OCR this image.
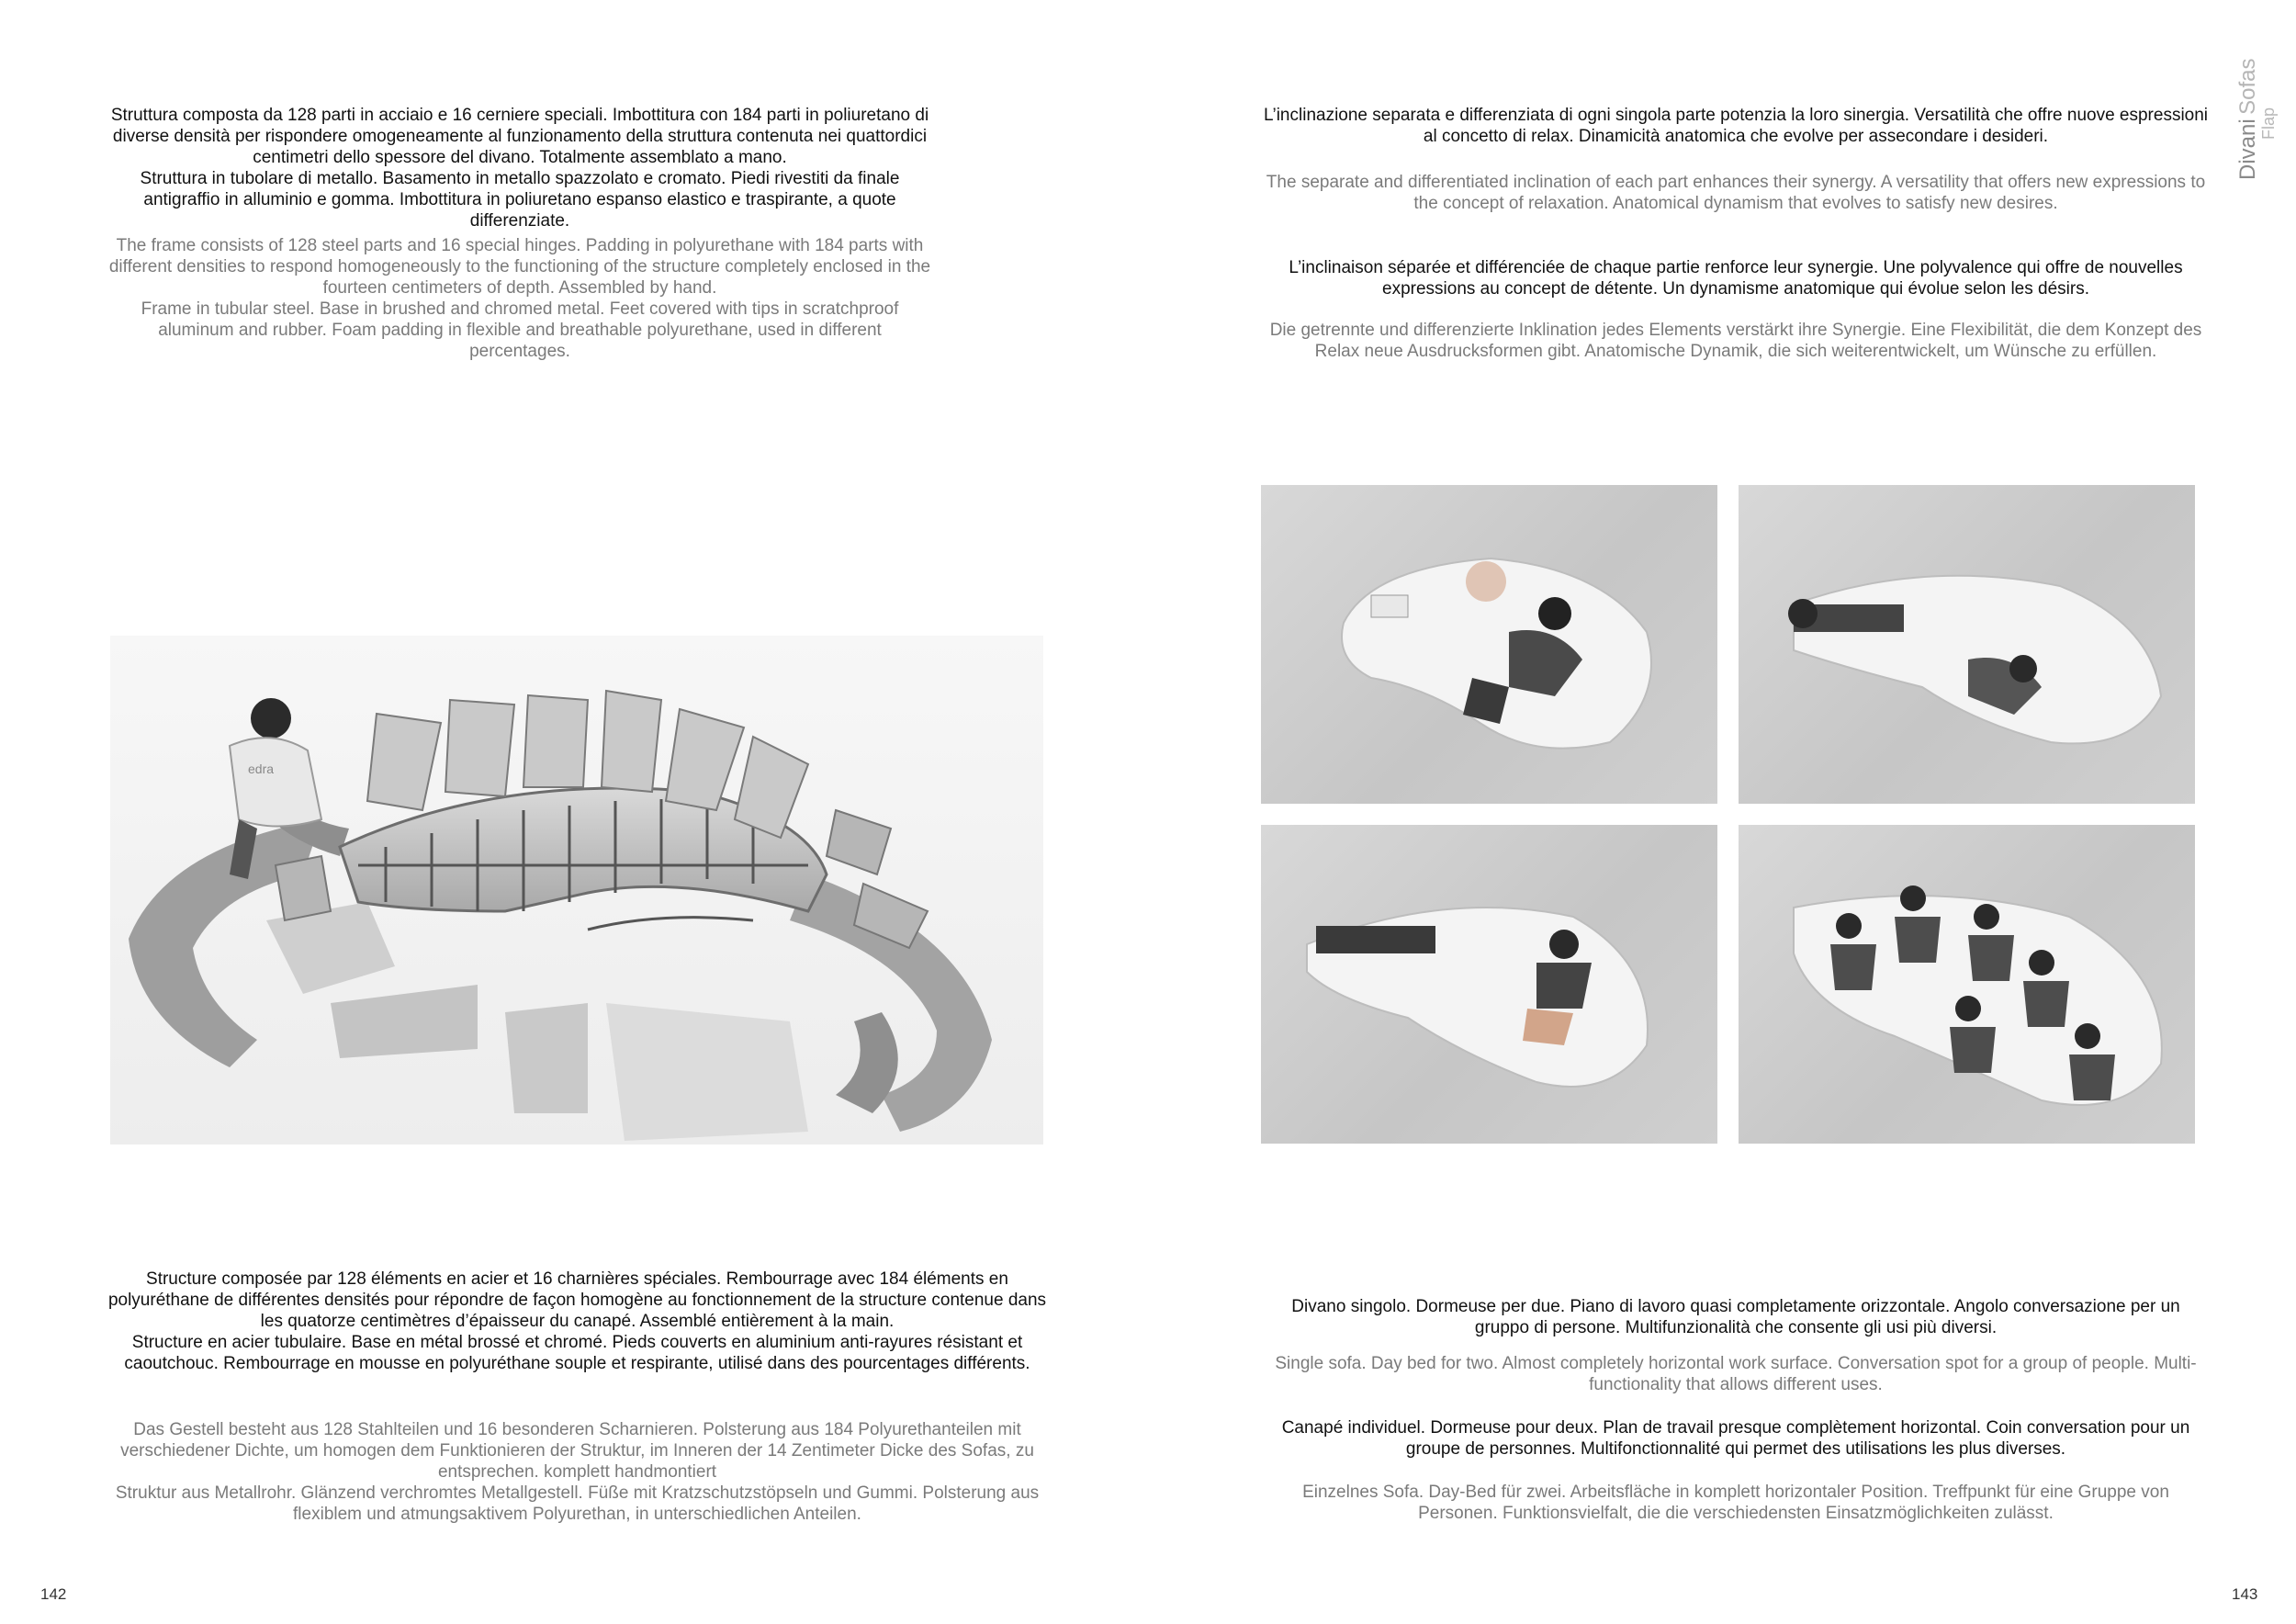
Divani Sofas
Flap

Struttura composta da 128 parti in acciaio e 16 cerniere speciali. Imbottitura con 184 parti in poliuretano di diverse densità per rispondere omogeneamente al funzionamento della struttura contenuta nei quattordici centimetri dello spessore del divano. Totalmente assemblato a mano.
Struttura in tubolare di metallo. Basamento in metallo spazzolato e cromato. Piedi rivestiti da finale antigraffio in alluminio e gomma. Imbottitura in poliuretano espanso elastico e traspirante, a quote differenziate.

The frame consists of 128 steel parts and 16 special hinges. Padding in polyurethane with 184 parts with different densities to respond homogeneously to the functioning of the structure completely enclosed in the fourteen centimeters of depth. Assembled by hand.
Frame in tubular steel. Base in brushed and chromed metal. Feet covered with tips in scratchproof aluminum and rubber. Foam padding in flexible and breathable polyurethane, used in different percentages.

edra

L’inclinazione separata e differenziata di ogni singola parte potenzia la loro sinergia. Versatilità che offre nuove espressioni al concetto di relax. Dinamicità anatomica che evolve per assecondare i desideri.

The separate and differentiated inclination of each part enhances their synergy. A versatility that offers new expressions to the concept of relaxation. Anatomical dynamism that evolves to satisfy new desires.

L’inclinaison séparée et différenciée de chaque partie renforce leur synergie. Une polyvalence qui offre de nouvelles expressions au concept de détente. Un dynamisme anatomique qui évolue selon les désirs.

Die getrennte und differenzierte Inklination jedes Elements verstärkt ihre Synergie. Eine Flexibilität, die dem Konzept des Relax neue Ausdrucksformen gibt. Anatomische Dynamik, die sich weiterentwickelt, um Wünsche zu erfüllen.

Structure composée par 128 éléments en acier et 16 charnières spéciales. Rembourrage avec 184 éléments en polyuréthane de différentes densités pour répondre de façon homogène au fonctionnement de la structure contenue dans les quatorze centimètres d’épaisseur du canapé. Assemblé entièrement à la main.
Structure en acier tubulaire. Base en métal brossé et chromé. Pieds couverts en aluminium anti-rayures résistant et caoutchouc. Rembourrage en mousse en polyuréthane souple et respirante, utilisé dans des pourcentages différents.

Das Gestell besteht aus 128 Stahlteilen und 16 besonderen Scharnieren. Polsterung aus 184 Polyurethanteilen mit verschiedener Dichte, um homogen dem Funktionieren der Struktur, im Inneren der 14 Zentimeter Dicke des Sofas, zu entsprechen. komplett handmontiert
Struktur aus Metallrohr. Glänzend verchromtes Metallgestell. Füße mit Kratzschutzstöpseln und Gummi. Polsterung aus flexiblem und atmungsaktivem Polyurethan, in unterschiedlichen Anteilen.

Divano singolo. Dormeuse per due. Piano di lavoro quasi completamente orizzontale. Angolo conversazione per un gruppo di persone. Multifunzionalità che consente gli usi più diversi.

Single sofa. Day bed for two. Almost completely horizontal work surface. Conversation spot for a group of people. Multi-functionality that allows different uses.

Canapé individuel. Dormeuse pour deux. Plan de travail presque complètement horizontal. Coin conversation pour un groupe de personnes. Multifonctionnalité qui permet des utilisations les plus diverses.

Einzelnes Sofa. Day-Bed für zwei. Arbeitsfläche in komplett horizontaler Position. Treffpunkt für eine Gruppe von Personen. Funktionsvielfalt, die die verschiedensten Einsatzmöglichkeiten zulässt.

142	143
